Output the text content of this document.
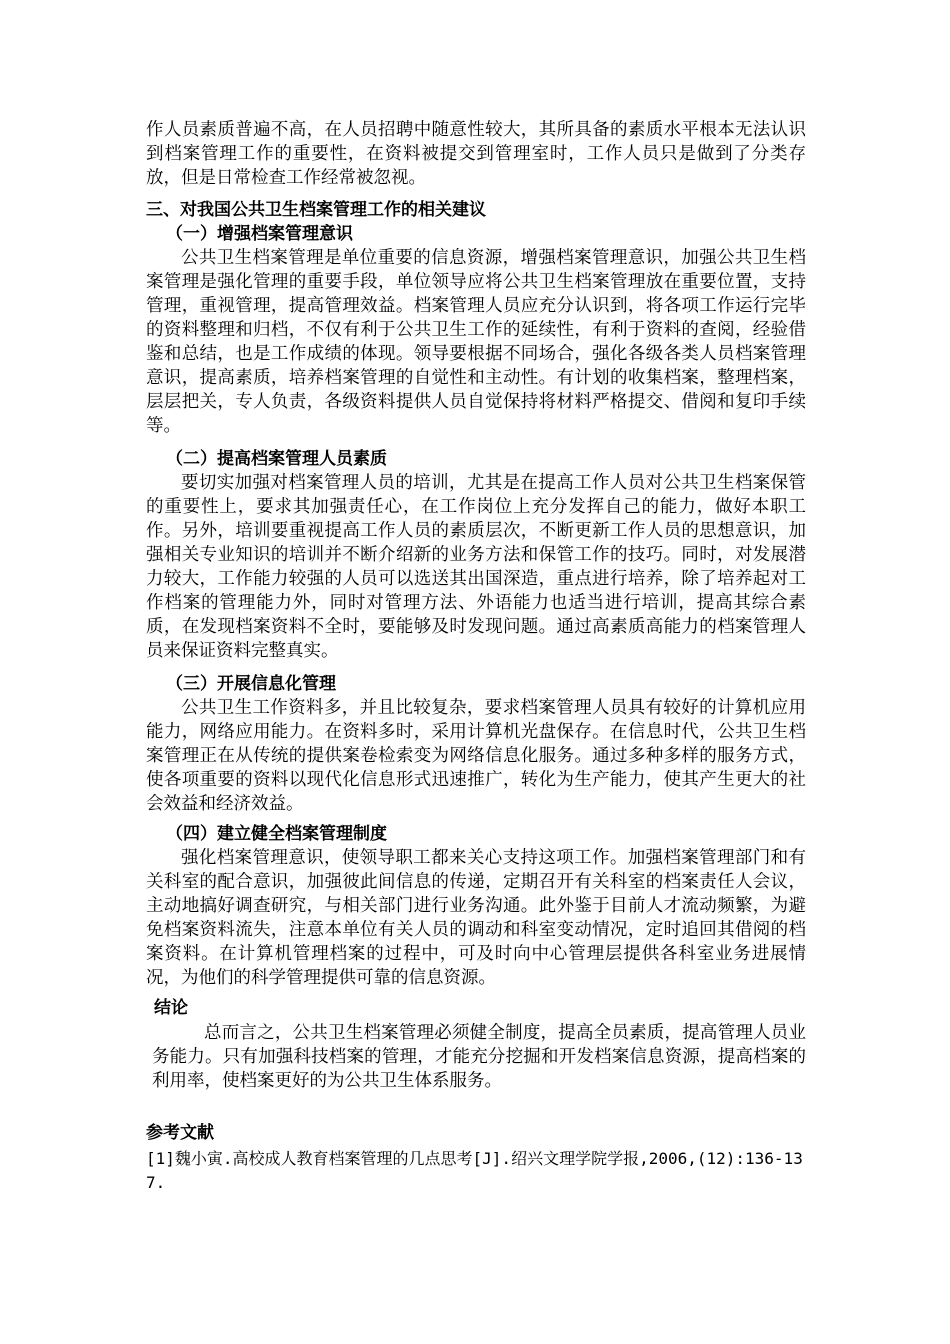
作人员素质普遍不高，在人员招聘中随意性较大，其所具备的素质水平根本无法认识到档案管理工作的重要性，在资料被提交到管理室时，工作人员只是做到了分类存放，但是日常检查工作经常被忽视。

三、对我国公共卫生档案管理工作的相关建议
（一）增强档案管理意识

公共卫生档案管理是单位重要的信息资源，增强档案管理意识，加强公共卫生档案管理是强化管理的重要手段，单位领导应将公共卫生档案管理放在重要位置，支持管理，重视管理，提高管理效益。档案管理人员应充分认识到，将各项工作运行完毕的资料整理和归档，不仅有利于公共卫生工作的延续性，有利于资料的查阅，经验借鉴和总结，也是工作成绩的体现。领导要根据不同场合，强化各级各类人员档案管理意识，提高素质，培养档案管理的自觉性和主动性。有计划的收集档案，整理档案，层层把关，专人负责，各级资料提供人员自觉保持将材料严格提交、借阅和复印手续等。

（二）提高档案管理人员素质

要切实加强对档案管理人员的培训，尤其是在提高工作人员对公共卫生档案保管的重要性上，要求其加强责任心，在工作岗位上充分发挥自己的能力，做好本职工作。另外，培训要重视提高工作人员的素质层次，不断更新工作人员的思想意识，加强相关专业知识的培训并不断介绍新的业务方法和保管工作的技巧。同时，对发展潜力较大，工作能力较强的人员可以选送其出国深造，重点进行培养，除了培养起对工作档案的管理能力外，同时对管理方法、外语能力也适当进行培训，提高其综合素质，在发现档案资料不全时，要能够及时发现问题。通过高素质高能力的档案管理人员来保证资料完整真实。

（三）开展信息化管理

公共卫生工作资料多，并且比较复杂，要求档案管理人员具有较好的计算机应用能力，网络应用能力。在资料多时，采用计算机光盘保存。在信息时代，公共卫生档案管理正在从传统的提供案卷检索变为网络信息化服务。通过多种多样的服务方式，使各项重要的资料以现代化信息形式迅速推广，转化为生产能力，使其产生更大的社会效益和经济效益。

（四）建立健全档案管理制度

强化档案管理意识，使领导职工都来关心支持这项工作。加强档案管理部门和有关科室的配合意识，加强彼此间信息的传递，定期召开有关科室的档案责任人会议，主动地搞好调查研究，与相关部门进行业务沟通。此外鉴于目前人才流动频繁，为避免档案资料流失，注意本单位有关人员的调动和科室变动情况，定时追回其借阅的档案资料。在计算机管理档案的过程中，可及时向中心管理层提供各科室业务进展情况，为他们的科学管理提供可靠的信息资源。

结论

总而言之，公共卫生档案管理必须健全制度，提高全员素质，提高管理人员业务能力。只有加强科技档案的管理，才能充分挖掘和开发档案信息资源，提高档案的利用率，使档案更好的为公共卫生体系服务。

参考文献

[1]魏小寅.高校成人教育档案管理的几点思考[J].绍兴文理学院学报,2006,(12):136-137.
